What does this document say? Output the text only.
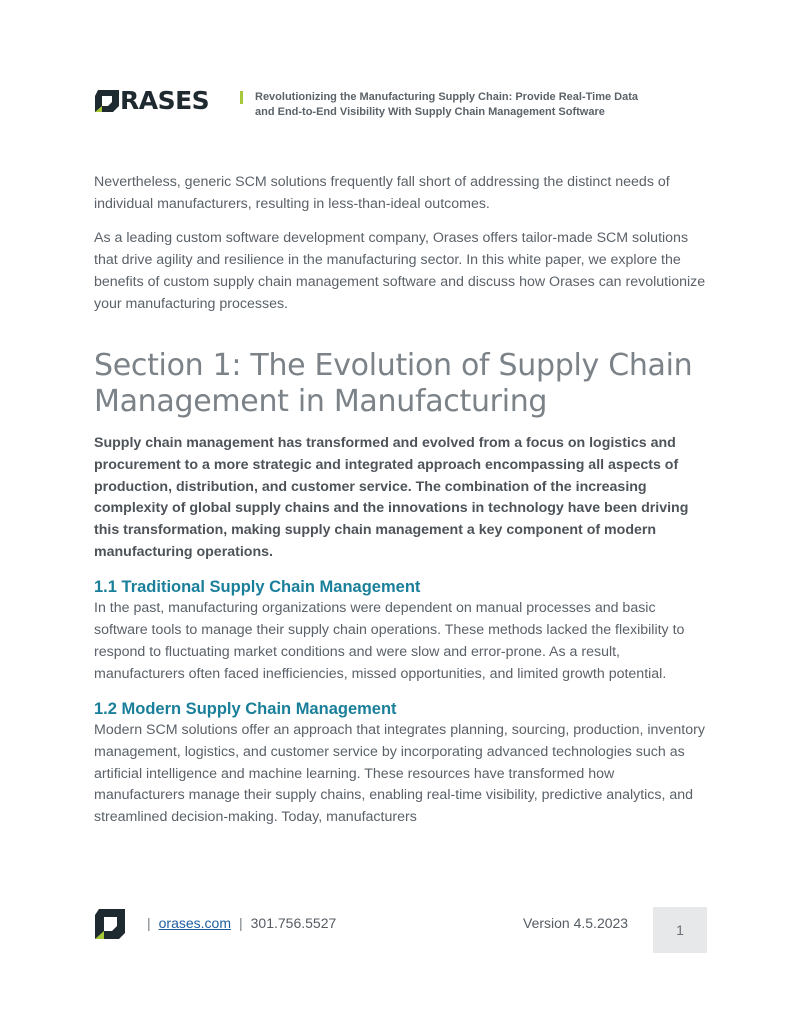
RASES	Revolutionizing the Manufacturing Supply Chain: Provide Real-Time Data
and End-to-End Visibility With Supply Chain Management Software

Nevertheless, generic SCM solutions frequently fall short of addressing the distinct needs of individual manufacturers, resulting in less-than-ideal outcomes.

As a leading custom software development company, Orases offers tailor-made SCM solutions that drive agility and resilience in the manufacturing sector. In this white paper, we explore the benefits of custom supply chain management software and discuss how Orases can revolutionize your manufacturing processes.

Section 1: The Evolution of Supply Chain Management in Manufacturing

Supply chain management has transformed and evolved from a focus on logistics and procurement to a more strategic and integrated approach encompassing all aspects of production, distribution, and customer service. The combination of the increasing complexity of global supply chains and the innovations in technology have been driving this transformation, making supply chain management a key component of modern manufacturing operations.

1.1 Traditional Supply Chain Management

In the past, manufacturing organizations were dependent on manual processes and basic software tools to manage their supply chain operations. These methods lacked the flexibility to respond to fluctuating market conditions and were slow and error-prone. As a result, manufacturers often faced inefficiencies, missed opportunities, and limited growth potential.

1.2 Modern Supply Chain Management

Modern SCM solutions offer an approach that integrates planning, sourcing, production, inventory management, logistics, and customer service by incorporating advanced technologies such as artificial intelligence and machine learning. These resources have transformed how manufacturers manage their supply chains, enabling real-time visibility, predictive analytics, and streamlined decision-making. Today, manufacturers

| orases.com | 301.756.5527	Version 4.5.2023	1
